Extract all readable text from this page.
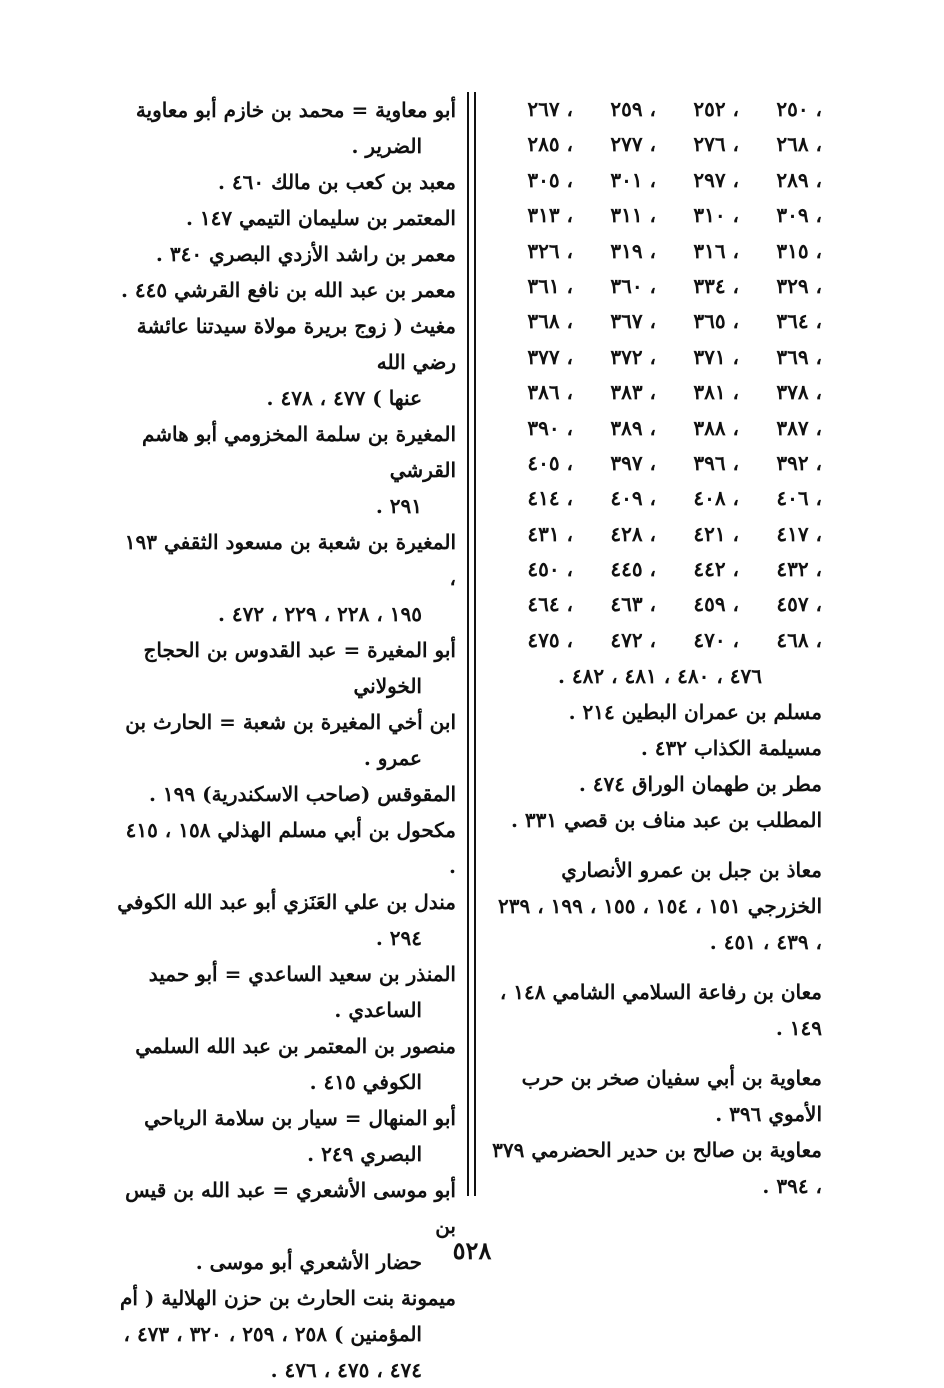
٢٥٠ ،
٢٥٢ ،
٢٥٩ ،
٢٦٧ ،
٢٦٨ ،
٢٧٦ ،
٢٧٧ ،
٢٨٥ ،
٢٨٩ ،
٢٩٧ ،
٣٠١ ،
٣٠٥ ،
٣٠٩ ،
٣١٠ ،
٣١١ ،
٣١٣ ،
٣١٥ ،
٣١٦ ،
٣١٩ ،
٣٢٦ ،
٣٢٩ ،
٣٣٤ ،
٣٦٠ ،
٣٦١ ،
٣٦٤ ،
٣٦٥ ،
٣٦٧ ،
٣٦٨ ،
٣٦٩ ،
٣٧١ ،
٣٧٢ ،
٣٧٧ ،
٣٧٨ ،
٣٨١ ،
٣٨٣ ،
٣٨٦ ،
٣٨٧ ،
٣٨٨ ،
٣٨٩ ،
٣٩٠ ،
٣٩٢ ،
٣٩٦ ،
٣٩٧ ،
٤٠٥ ،
٤٠٦ ،
٤٠٨ ،
٤٠٩ ،
٤١٤ ،
٤١٧ ،
٤٢١ ،
٤٢٨ ،
٤٣١ ،
٤٣٢ ،
٤٤٢ ،
٤٤٥ ،
٤٥٠ ،
٤٥٧ ،
٤٥٩ ،
٤٦٣ ،
٤٦٤ ،
٤٦٨ ،
٤٧٠ ،
٤٧٢ ،
٤٧٥ ،
٤٧٦ ، ٤٨٠ ، ٤٨١ ، ٤٨٢ .
مسلم بن عمران البطين ٢١٤ .
مسيلمة الكذاب ٤٣٢ .
مطر بن طهمان الوراق ٤٧٤ .
المطلب بن عبد مناف بن قصي ٣٣١ .
معاذ بن جبل بن عمرو الأنصاري الخزرجي ١٥١ ، ١٥٤ ، ١٥٥ ، ١٩٩ ، ٢٣٩ ، ٤٣٩ ، ٤٥١ .
معان بن رفاعة السلامي الشامي ١٤٨ ، ١٤٩ .
معاوية بن أبي سفيان صخر بن حرب الأموي ٣٩٦ .
معاوية بن صالح بن حدير الحضرمي ٣٧٩ ، ٣٩٤ .
أبو معاوية = محمد بن خازم أبو معاوية
الضرير .
معبد بن كعب بن مالك ٤٦٠ .
المعتمر بن سليمان التيمي ١٤٧ .
معمر بن راشد الأزدي البصري ٣٤٠ .
معمر بن عبد الله بن نافع القرشي ٤٤٥ .
مغيث ( زوج بريرة مولاة سيدتنا عائشة رضي الله
عنها ) ٤٧٧ ، ٤٧٨ .
المغيرة بن سلمة المخزومي أبو هاشم القرشي
٢٩١ .
المغيرة بن شعبة بن مسعود الثقفي ١٩٣ ،
١٩٥ ، ٢٢٨ ، ٢٢٩ ، ٤٧٢ .
أبو المغيرة = عبد القدوس بن الحجاج
الخولاني
ابن أخي المغيرة بن شعبة = الحارث بن
عمرو .
المقوقس (صاحب الاسكندرية) ١٩٩ .
مكحول بن أبي مسلم الهذلي ١٥٨ ، ٤١٥ .
مندل بن علي العَنَزي أبو عبد الله الكوفي
٢٩٤ .
المنذر بن سعيد الساعدي = أبو حميد
الساعدي .
منصور بن المعتمر بن عبد الله السلمي
الكوفي ٤١٥ .
أبو المنهال = سيار بن سلامة الرياحي
البصري ٢٤٩ .
أبو موسى الأشعري = عبد الله بن قيس بن
حضار الأشعري أبو موسى .
ميمونة بنت الحارث بن حزن الهلالية ( أم
المؤمنين ) ٢٥٨ ، ٢٥٩ ، ٣٢٠ ، ٤٧٣ ، ٤٧٤ ، ٤٧٥ ، ٤٧٦ .
٥٢٨
